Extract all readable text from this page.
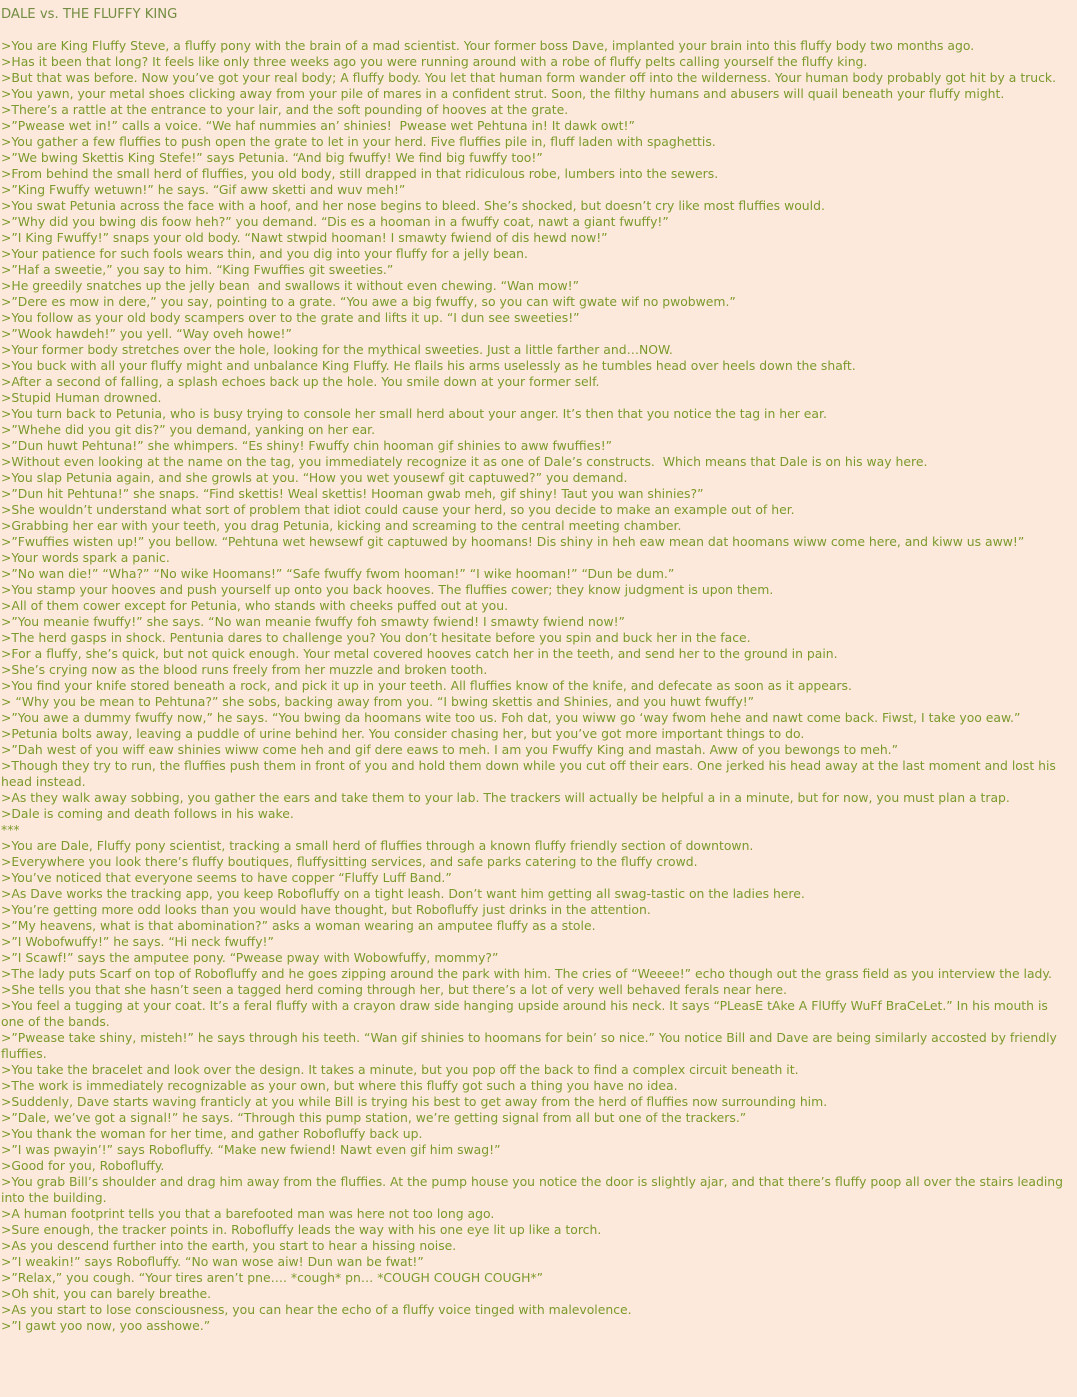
DALE vs. THE FLUFFY KING

>You are King Fluffy Steve, a fluffy pony with the brain of a mad scientist. Your former boss Dave, implanted your brain into this fluffy body two months ago.

>Has it been that long? It feels like only three weeks ago you were running around with a robe of fluffy pelts calling yourself the fluffy king.

>But that was before. Now you’ve got your real body; A fluffy body. You let that human form wander off into the wilderness. Your human body probably got hit by a truck.

>You yawn, your metal shoes clicking away from your pile of mares in a confident strut. Soon, the filthy humans and abusers will quail beneath your fluffy might.

>There’s a rattle at the entrance to your lair, and the soft pounding of hooves at the grate.

>”Pwease wet in!” calls a voice. “We haf nummies an’ shinies!  Pwease wet Pehtuna in! It dawk owt!”

>You gather a few fluffies to push open the grate to let in your herd. Five fluffies pile in, fluff laden with spaghettis.

>”We bwing Skettis King Stefe!” says Petunia. “And big fwuffy! We find big fuwffy too!”

>From behind the small herd of fluffies, you old body, still drapped in that ridiculous robe, lumbers into the sewers.

>”King Fwuffy wetuwn!” he says. “Gif aww sketti and wuv meh!”

>You swat Petunia across the face with a hoof, and her nose begins to bleed. She’s shocked, but doesn’t cry like most fluffies would.

>”Why did you bwing dis foow heh?” you demand. “Dis es a hooman in a fwuffy coat, nawt a giant fwuffy!”

>”I King Fwuffy!” snaps your old body. “Nawt stwpid hooman! I smawty fwiend of dis hewd now!”

>Your patience for such fools wears thin, and you dig into your fluffy for a jelly bean.

>”Haf a sweetie,” you say to him. “King Fwuffies git sweeties.”

>He greedily snatches up the jelly bean  and swallows it without even chewing. “Wan mow!”

>”Dere es mow in dere,” you say, pointing to a grate. “You awe a big fwuffy, so you can wift gwate wif no pwobwem.”

>You follow as your old body scampers over to the grate and lifts it up. “I dun see sweeties!”

>”Wook hawdeh!” you yell. “Way oveh howe!”

>Your former body stretches over the hole, looking for the mythical sweeties. Just a little farther and…NOW.

>You buck with all your fluffy might and unbalance King Fluffy. He flails his arms uselessly as he tumbles head over heels down the shaft.

>After a second of falling, a splash echoes back up the hole. You smile down at your former self.

>Stupid Human drowned.

>You turn back to Petunia, who is busy trying to console her small herd about your anger. It’s then that you notice the tag in her ear.

>”Whehe did you git dis?” you demand, yanking on her ear.

>”Dun huwt Pehtuna!” she whimpers. “Es shiny! Fwuffy chin hooman gif shinies to aww fwuffies!”

>Without even looking at the name on the tag, you immediately recognize it as one of Dale’s constructs.  Which means that Dale is on his way here.

>You slap Petunia again, and she growls at you. “How you wet yousewf git captuwed?” you demand.

>”Dun hit Pehtuna!” she snaps. “Find skettis! Weal skettis! Hooman gwab meh, gif shiny! Taut you wan shinies?”

>She wouldn’t understand what sort of problem that idiot could cause your herd, so you decide to make an example out of her.

>Grabbing her ear with your teeth, you drag Petunia, kicking and screaming to the central meeting chamber.

>”Fwuffies wisten up!” you bellow. “Pehtuna wet hewsewf git captuwed by hoomans! Dis shiny in heh eaw mean dat hoomans wiww come here, and kiww us aww!”

>Your words spark a panic.

>”No wan die!” “Wha?” “No wike Hoomans!” “Safe fwuffy fwom hooman!” “I wike hooman!” “Dun be dum.”

>You stamp your hooves and push yourself up onto you back hooves. The fluffies cower; they know judgment is upon them.

>All of them cower except for Petunia, who stands with cheeks puffed out at you.

>”You meanie fwuffy!” she says. “No wan meanie fwuffy foh smawty fwiend! I smawty fwiend now!”

>The herd gasps in shock. Pentunia dares to challenge you? You don’t hesitate before you spin and buck her in the face.

>For a fluffy, she’s quick, but not quick enough. Your metal covered hooves catch her in the teeth, and send her to the ground in pain.

>She’s crying now as the blood runs freely from her muzzle and broken tooth.

>You find your knife stored beneath a rock, and pick it up in your teeth. All fluffies know of the knife, and defecate as soon as it appears.

> “Why you be mean to Pehtuna?” she sobs, backing away from you. “I bwing skettis and Shinies, and you huwt fwuffy!”

>”You awe a dummy fwuffy now,” he says. “You bwing da hoomans wite too us. Foh dat, you wiww go ‘way fwom hehe and nawt come back. Fiwst, I take yoo eaw.”

>Petunia bolts away, leaving a puddle of urine behind her. You consider chasing her, but you’ve got more important things to do.

>”Dah west of you wiff eaw shinies wiww come heh and gif dere eaws to meh. I am you Fwuffy King and mastah. Aww of you bewongs to meh.”

>Though they try to run, the fluffies push them in front of you and hold them down while you cut off their ears. One jerked his head away at the last moment and lost his head instead.

>As they walk away sobbing, you gather the ears and take them to your lab. The trackers will actually be helpful a in a minute, but for now, you must plan a trap.

>Dale is coming and death follows in his wake.

***

>You are Dale, Fluffy pony scientist, tracking a small herd of fluffies through a known fluffy friendly section of downtown.

>Everywhere you look there’s fluffy boutiques, fluffysitting services, and safe parks catering to the fluffy crowd.

>You’ve noticed that everyone seems to have copper “Fluffy Luff Band.”

>As Dave works the tracking app, you keep Robofluffy on a tight leash. Don’t want him getting all swag-tastic on the ladies here.

>You’re getting more odd looks than you would have thought, but Robofluffy just drinks in the attention.

>”My heavens, what is that abomination?” asks a woman wearing an amputee fluffy as a stole.

>”I Wobofwuffy!” he says. “Hi neck fwuffy!”

>”I Scawf!” says the amputee pony. “Pwease pway with Wobowfuffy, mommy?”

>The lady puts Scarf on top of Robofluffy and he goes zipping around the park with him. The cries of “Weeee!” echo though out the grass field as you interview the lady.

>She tells you that she hasn’t seen a tagged herd coming through her, but there’s a lot of very well behaved ferals near here.

>You feel a tugging at your coat. It’s a feral fluffy with a crayon draw side hanging upside around his neck. It says “PLeasE tAke A FlUffy WuFf BraCeLet.” In his mouth is one of the bands.

>”Pwease take shiny, misteh!” he says through his teeth. “Wan gif shinies to hoomans for bein’ so nice.” You notice Bill and Dave are being similarly accosted by friendly fluffies.

>You take the bracelet and look over the design. It takes a minute, but you pop off the back to find a complex circuit beneath it.

>The work is immediately recognizable as your own, but where this fluffy got such a thing you have no idea.

>Suddenly, Dave starts waving franticly at you while Bill is trying his best to get away from the herd of fluffies now surrounding him.

>”Dale, we’ve got a signal!” he says. “Through this pump station, we’re getting signal from all but one of the trackers.”

>You thank the woman for her time, and gather Robofluffy back up.

>”I was pwayin’!” says Robofluffy. “Make new fwiend! Nawt even gif him swag!”

>Good for you, Robofluffy.

>You grab Bill’s shoulder and drag him away from the fluffies. At the pump house you notice the door is slightly ajar, and that there’s fluffy poop all over the stairs leading into the building.

>A human footprint tells you that a barefooted man was here not too long ago.

>Sure enough, the tracker points in. Robofluffy leads the way with his one eye lit up like a torch.

>As you descend further into the earth, you start to hear a hissing noise.

>”I weakin!” says Robofluffy. “No wan wose aiw! Dun wan be fwat!”

>”Relax,” you cough. “Your tires aren’t pne…. *cough* pn… *COUGH COUGH COUGH*”

>Oh shit, you can barely breathe.

>As you start to lose consciousness, you can hear the echo of a fluffy voice tinged with malevolence.

>”I gawt yoo now, yoo asshowe.”
